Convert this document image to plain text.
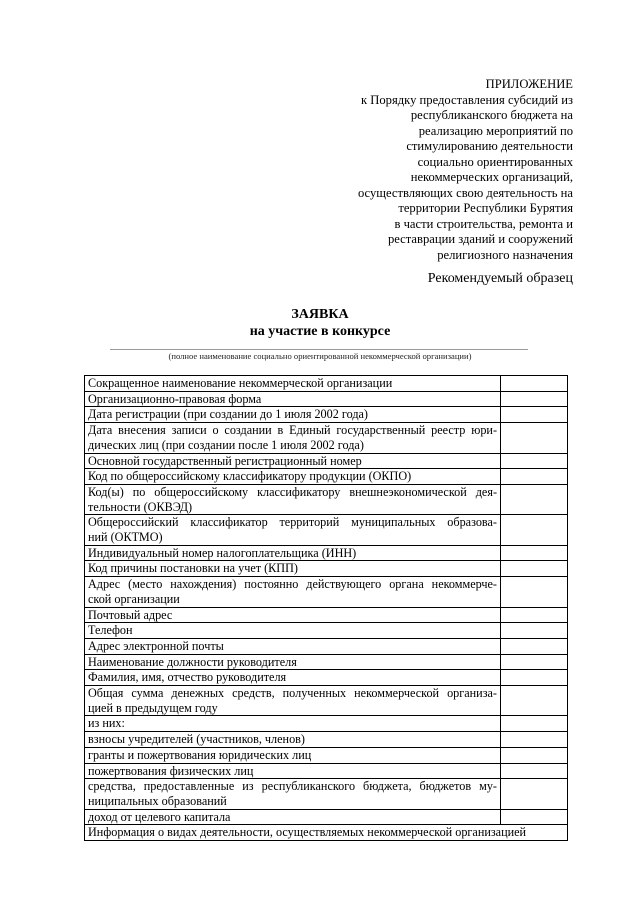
ПРИЛОЖЕНИЕ
к Порядку предоставления субсидий из
республиканского бюджета на
реализацию мероприятий по
стимулированию деятельности
социально ориентированных
некоммерческих организаций,
осуществляющих свою деятельность на
территории Республики Бурятия
в части строительства, ремонта и
реставрации зданий и сооружений
религиозного назначения
Рекомендуемый образец
ЗАЯВКА
на участие в конкурсе
(полное наименование социально ориентированной некоммерческой организации)
Сокращенное наименование некоммерческой организации	

Организационно-правовая форма	

Дата регистрации (при создании до 1 июля 2002 года)	

Дата внесения записи о создании в Единый государственный реестр юри-
дических лиц (при создании после 1 июля 2002 года)	

Основной государственный регистрационный номер	

Код по общероссийскому классификатору продукции (ОКПО)	

Код(ы) по общероссийскому классификатору внешнеэкономической дея-
тельности (ОКВЭД)	

Общероссийский классификатор территорий муниципальных образова-
ний (ОКТМО)	

Индивидуальный номер налогоплательщика (ИНН)	

Код причины постановки на учет (КПП)	

Адрес (место нахождения) постоянно действующего органа некоммерче-
ской организации	

Почтовый адрес	

Телефон	

Адрес электронной почты	

Наименование должности руководителя	

Фамилия, имя, отчество руководителя	

Общая сумма денежных средств, полученных некоммерческой организа-
цией в предыдущем году	

из них:	

взносы учредителей (участников, членов)	

гранты и пожертвования юридических лиц	

пожертвования физических лиц	

средства, предоставленные из республиканского бюджета, бюджетов му-
ниципальных образований	

доход от целевого капитала	

Информация о видах деятельности, осуществляемых некоммерческой организацией	
